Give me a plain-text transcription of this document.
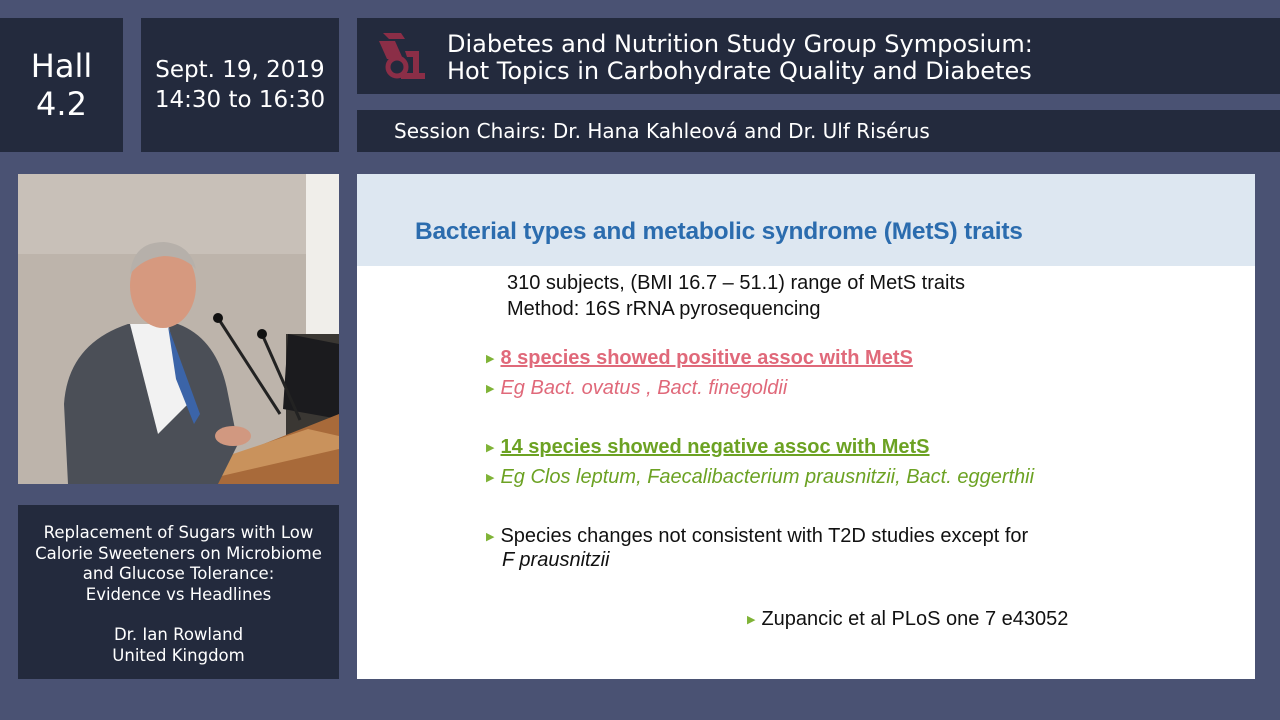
Hall
4.2
Sept. 19, 2019
14:30 to 16:30
Diabetes and Nutrition Study Group Symposium:
Hot Topics in Carbohydrate Quality and Diabetes
Session Chairs: Dr. Hana Kahleová and Dr. Ulf Risérus
Replacement of Sugars with Low
Calorie Sweeteners on Microbiome
and Glucose Tolerance:
Evidence vs Headlines
Dr. Ian Rowland
United Kingdom
Bacterial types and metabolic syndrome (MetS) traits
310 subjects, (BMI 16.7 – 51.1) range of MetS traits
Method: 16S rRNA pyrosequencing
▶ 8 species showed positive assoc with MetS
▶ Eg Bact. ovatus , Bact. finegoldii
▶ 14 species showed negative assoc with MetS
▶ Eg Clos leptum, Faecalibacterium prausnitzii, Bact. eggerthii
▶ Species changes not consistent with T2D studies except for
F prausnitzii
▶ Zupancic et al PLoS one 7 e43052
